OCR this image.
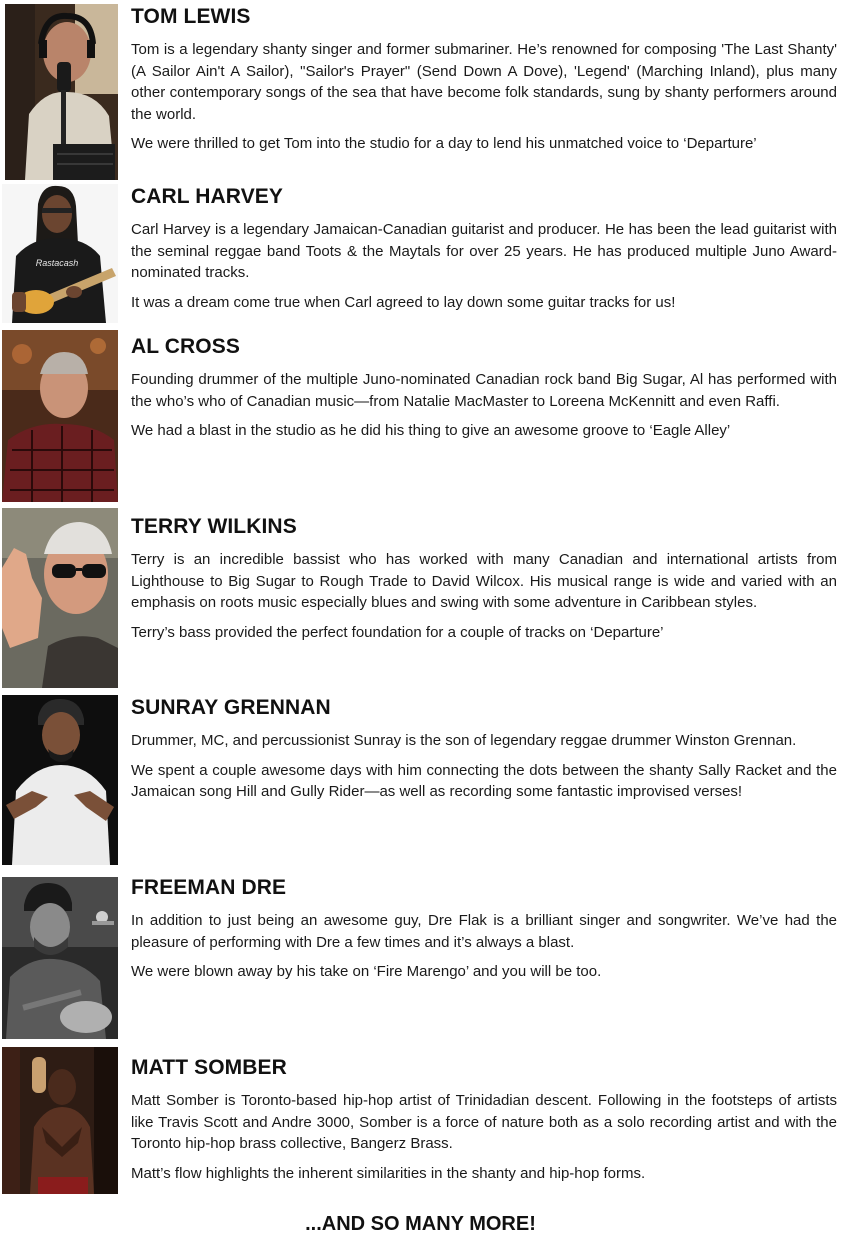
TOM LEWIS

Tom is a legendary shanty singer and former submariner. He’s renowned for composing 'The Last Shanty' (A Sailor Ain't A Sailor), "Sailor's Prayer" (Send Down A Dove), 'Legend' (Marching Inland), plus many other contemporary songs of the sea that have become folk standards, sung by shanty performers around the world.

We were thrilled to get Tom into the studio for a day to lend his unmatched voice to ‘Departure’

Rastacash
CARL HARVEY

Carl Harvey is a legendary Jamaican-Canadian guitarist and producer. He has been the lead guitarist with the seminal reggae band Toots & the Maytals for over 25 years. He has produced multiple Juno Award-nominated tracks.

It was a dream come true when Carl agreed to lay down some guitar tracks for us!

AL CROSS

Founding drummer of the multiple Juno-nominated Canadian rock band Big Sugar, Al has performed with the who’s who of Canadian music—from Natalie MacMaster to Loreena McKennitt and even Raffi.

We had a blast in the studio as he did his thing to give an awesome groove to ‘Eagle Alley’

TERRY WILKINS

Terry is an incredible bassist who has worked with many Canadian and international artists from Lighthouse to Big Sugar to Rough Trade to David Wilcox. His musical range is wide and varied with an emphasis on roots music especially blues and swing with some adventure in Caribbean styles.

Terry’s bass provided the perfect foundation for a couple of tracks on ‘Departure’

SUNRAY GRENNAN

Drummer, MC, and percussionist Sunray is the son of legendary reggae drummer Winston Grennan.

We spent a couple awesome days with him connecting the dots between the shanty Sally Racket and the Jamaican song Hill and Gully Rider—as well as recording some fantastic improvised verses!

FREEMAN DRE

In addition to just being an awesome guy, Dre Flak is a brilliant singer and songwriter. We’ve had the pleasure of performing with Dre a few times and it’s always a blast.

We were blown away by his take on ‘Fire Marengo’ and you will be too.

MATT SOMBER

Matt Somber is Toronto-based hip-hop artist of Trinidadian descent. Following in the footsteps of artists like Travis Scott and Andre 3000, Somber is a force of nature both as a solo recording artist and with the Toronto hip-hop brass collective, Bangerz Brass.

Matt’s flow highlights the inherent similarities in the shanty and hip-hop forms.

...AND SO MANY MORE!
